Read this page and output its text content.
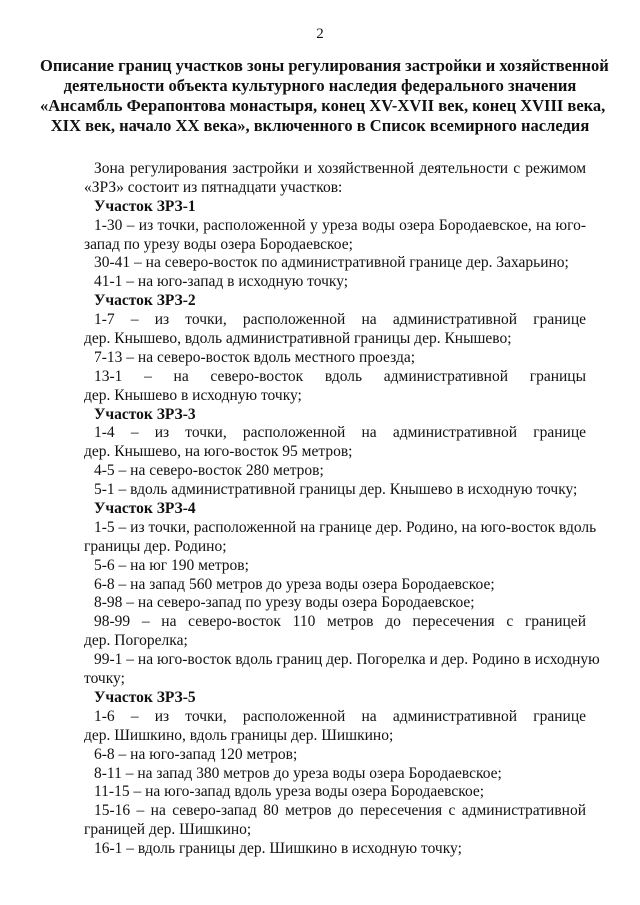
2
Описание границ участков зоны регулирования застройки и хозяйственной
деятельности объекта культурного наследия федерального значения
«Ансамбль Ферапонтова монастыря, конец XV-XVII век, конец XVIII века,
XIX век, начало XX века», включенного в Список всемирного наследия
Зона регулирования застройки и хозяйственной деятельности с режимом
«ЗРЗ» состоит из пятнадцати участков:
Участок ЗРЗ-1
1-30 – из точки, расположенной у уреза воды озера Бородаевское, на юго-
запад по урезу воды озера Бородаевское;
30-41 – на северо-восток по административной границе дер. Захарьино;
41-1 – на юго-запад в исходную точку;
Участок ЗРЗ-2
1-7 – из точки, расположенной на административной границе
дер. Кнышево, вдоль административной границы дер. Кнышево;
7-13 – на северо-восток вдоль местного проезда;
13-1 – на северо-восток вдоль административной границы
дер. Кнышево в исходную точку;
Участок ЗРЗ-3
1-4 – из точки, расположенной на административной границе
дер. Кнышево, на юго-восток 95 метров;
4-5 – на северо-восток 280 метров;
5-1 – вдоль административной границы дер. Кнышево в исходную точку;
Участок ЗРЗ-4
1-5 – из точки, расположенной на границе дер. Родино, на юго-восток вдоль
границы дер. Родино;
5-6 – на юг 190 метров;
6-8 – на запад 560 метров до уреза воды озера Бородаевское;
8-98 – на северо-запад по урезу воды озера Бородаевское;
98-99 – на северо-восток 110 метров до пересечения с границей
дер. Погорелка;
99-1 – на юго-восток вдоль границ дер. Погорелка и дер. Родино в исходную
точку;
Участок ЗРЗ-5
1-6 – из точки, расположенной на административной границе
дер. Шишкино, вдоль границы дер. Шишкино;
6-8 – на юго-запад 120 метров;
8-11 – на запад 380 метров до уреза воды озера Бородаевское;
11-15 – на юго-запад вдоль уреза воды озера Бородаевское;
15-16 – на северо-запад 80 метров до пересечения с административной
границей дер. Шишкино;
16-1 – вдоль границы дер. Шишкино в исходную точку;
